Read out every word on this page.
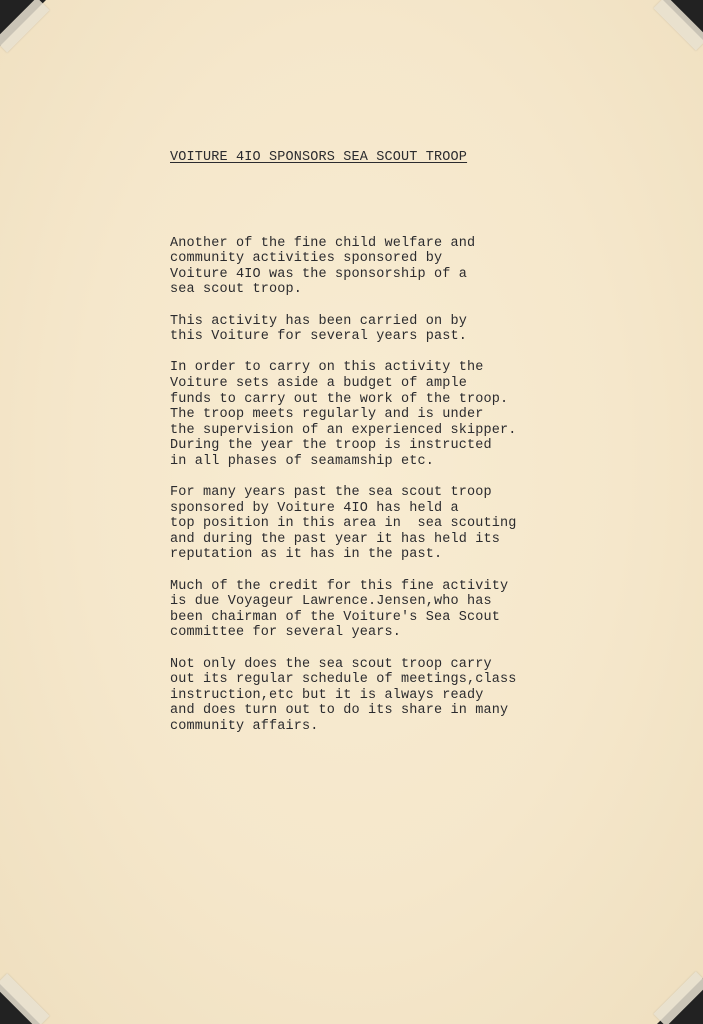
VOITURE 4IO SPONSORS SEA SCOUT TROOP
Another of the fine child welfare and
community activities sponsored by
Voiture 4IO was the sponsorship of a
sea scout troop.
This activity has been carried on by
this Voiture for several years past.
In order to carry on this activity the
Voiture sets aside a budget of ample
funds to carry out the work of the troop.
The troop meets regularly and is under
the supervision of an experienced skipper.
During the year the troop is instructed
in all phases of seamamship etc.
For many years past the sea scout troop
sponsored by Voiture 4IO has held a
top position in this area in  sea scouting
and during the past year it has held its
reputation as it has in the past.
Much of the credit for this fine activity
is due Voyageur Lawrence.Jensen,who has
been chairman of the Voiture's Sea Scout
committee for several years.
Not only does the sea scout troop carry
out its regular schedule of meetings,class
instruction,etc but it is always ready
and does turn out to do its share in many
community affairs.
